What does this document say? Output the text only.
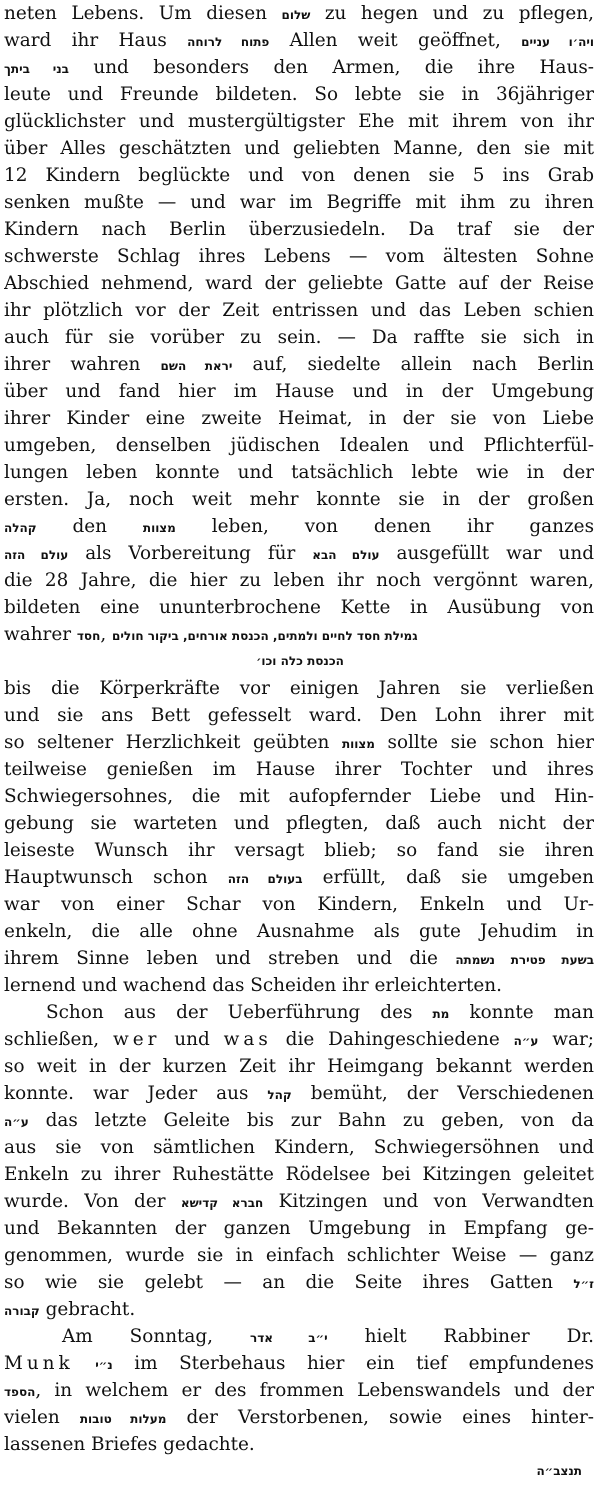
neten Lebens. Um diesen שלום zu hegen und zu pflegen,
ward ihr Haus פתוח לרוחה Allen weit geöffnet, ויה׳ו עניים
בני ביתך und besonders den Armen, die ihre Haus-
leute und Freunde bildeten. So lebte sie in 36jähriger
glücklichster und mustergültigster Ehe mit ihrem von ihr
über Alles geschätzten und geliebten Manne, den sie mit
12 Kindern beglückte und von denen sie 5 ins Grab
senken mußte — und war im Begriffe mit ihm zu ihren
Kindern nach Berlin überzusiedeln. Da traf sie der
schwerste Schlag ihres Lebens — vom ältesten Sohne
Abschied nehmend, ward der geliebte Gatte auf der Reise
ihr plötzlich vor der Zeit entrissen und das Leben schien
auch für sie vorüber zu sein. — Da raffte sie sich in
ihrer wahren יראת השם auf, siedelte allein nach Berlin
über und fand hier im Hause und in der Umgebung
ihrer Kinder eine zweite Heimat, in der sie von Liebe
umgeben, denselben jüdischen Idealen und Pflichterfül-
lungen leben konnte und tatsächlich lebte wie in der
ersten. Ja, noch weit mehr konnte sie in der großen
קהלה den מצוות leben, von denen ihr ganzes
עולם הזה als Vorbereitung für עולם הבא ausgefüllt war und
die 28 Jahre, die hier zu leben ihr noch vergönnt waren,
bildeten eine ununterbrochene Kette in Ausübung von
wahrer חסד, גמילת חסד לחיים ולמתים, הכנסת אורחים, ביקור חולים
הכנסת כלה וכו׳
bis die Körperkräfte vor einigen Jahren sie verließen
und sie ans Bett gefesselt ward. Den Lohn ihrer mit
so seltener Herzlichkeit geübten מצוות sollte sie schon hier
teilweise genießen im Hause ihrer Tochter und ihres
Schwiegersohnes, die mit aufopfernder Liebe und Hin-
gebung sie warteten und pflegten, daß auch nicht der
leiseste Wunsch ihr versagt blieb; so fand sie ihren
Hauptwunsch schon בעולם הזה erfüllt, daß sie umgeben
war von einer Schar von Kindern, Enkeln und Ur-
enkeln, die alle ohne Ausnahme als gute Jehudim in
ihrem Sinne leben und streben und die בשעת פטירת נשמתה
lernend und wachend das Scheiden ihr erleichterten.
Schon aus der Ueberführung des מת konnte man
schließen, wer und was die Dahingeschiedene ע״ה war;
so weit in der kurzen Zeit ihr Heimgang bekannt werden
konnte. war Jeder aus קהל bemüht, der Verschiedenen
ע״ה das letzte Geleite bis zur Bahn zu geben, von da
aus sie von sämtlichen Kindern, Schwiegersöhnen und
Enkeln zu ihrer Ruhestätte Rödelsee bei Kitzingen geleitet
wurde. Von der חברא קדישא Kitzingen und von Verwandten
und Bekannten der ganzen Umgebung in Empfang ge-
genommen, wurde sie in einfach schlichter Weise — ganz
so wie sie gelebt — an die Seite ihres Gatten ז״ל
קבורה gebracht.
Am Sonntag, י״ב אדר hielt Rabbiner Dr.
Munk נ״י im Sterbehaus hier ein tief empfundenes
הספד, in welchem er des frommen Lebenswandels und der
vielen מעלות טובות der Verstorbenen, sowie eines hinter-
lassenen Briefes gedachte.
תנצב״ה
